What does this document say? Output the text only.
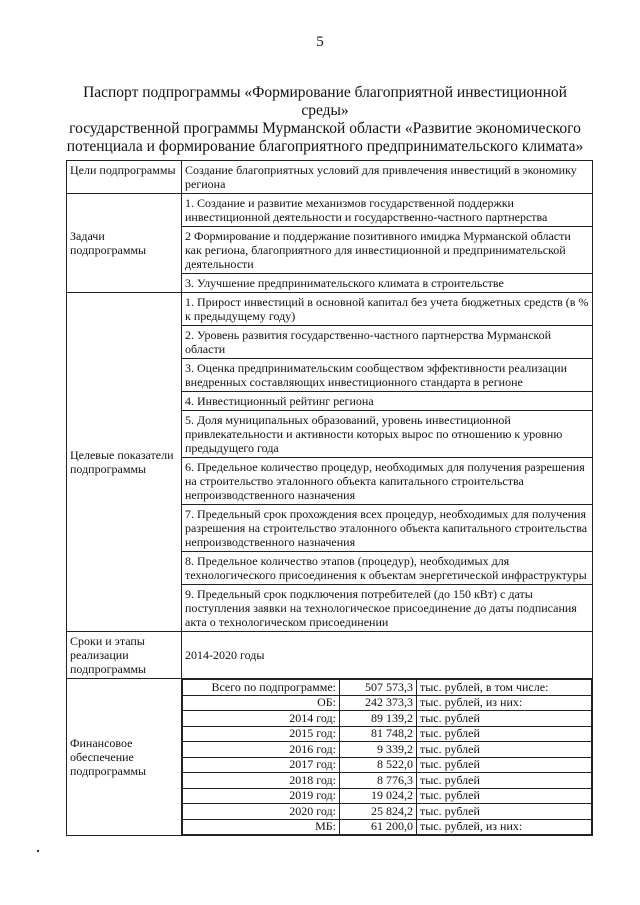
5
Паспорт подпрограммы «Формирование благоприятной инвестиционной
среды»
государственной программы Мурманской области «Развитие экономического
потенциала и формирование благоприятного предпринимательского климата»
Цели подпрограммы	Создание благоприятных условий для привлечения инвестиций в экономику региона
Задачи подпрограммы	1. Создание и развитие механизмов государственной поддержки инвестиционной деятельности и государственно-частного партнерства
2 Формирование и поддержание позитивного имиджа Мурманской области как региона, благоприятного для инвестиционной и предпринимательской деятельности
3. Улучшение предпринимательского климата в строительстве
Целевые показатели подпрограммы	1. Прирост инвестиций в основной капитал без учета бюджетных средств (в % к предыдущему году)
2. Уровень развития государственно-частного партнерства Мурманской области
3. Оценка предпринимательским сообществом эффективности реализации внедренных составляющих инвестиционного стандарта в регионе
4. Инвестиционный рейтинг региона
5. Доля муниципальных образований, уровень инвестиционной привлекательности и активности которых вырос по отношению к уровню предыдущего года
6. Предельное количество процедур, необходимых для получения разрешения на строительство эталонного объекта капитального строительства непроизводственного назначения
7. Предельный срок прохождения всех процедур, необходимых для получения разрешения на строительство эталонного объекта капитального строительства непроизводственного назначения
8. Предельное количество этапов (процедур), необходимых для технологического присоединения к объектам энергетической инфраструктуры
9. Предельный срок подключения потребителей (до 150 кВт) с даты поступления заявки на технологическое присоединение до даты подписания акта о технологическом присоединении
Сроки и этапы реализации подпрограммы	2014-2020 годы
Финансовое обеспечение подпрограммы	
Всего по подпрограмме:	507 573,3	тыс. рублей, в том числе:
ОБ:	242 373,3	тыс. рублей, из них:
2014 год:	89 139,2	тыс. рублей
2015 год:	81 748,2	тыс. рублей
2016 год:	9 339,2	тыс. рублей
2017 год:	8 522,0	тыс. рублей
2018 год:	8 776,3	тыс. рублей
2019 год:	19 024,2	тыс. рублей
2020 год:	25 824,2	тыс. рублей
МБ:	61 200,0	тыс. рублей, из них:
